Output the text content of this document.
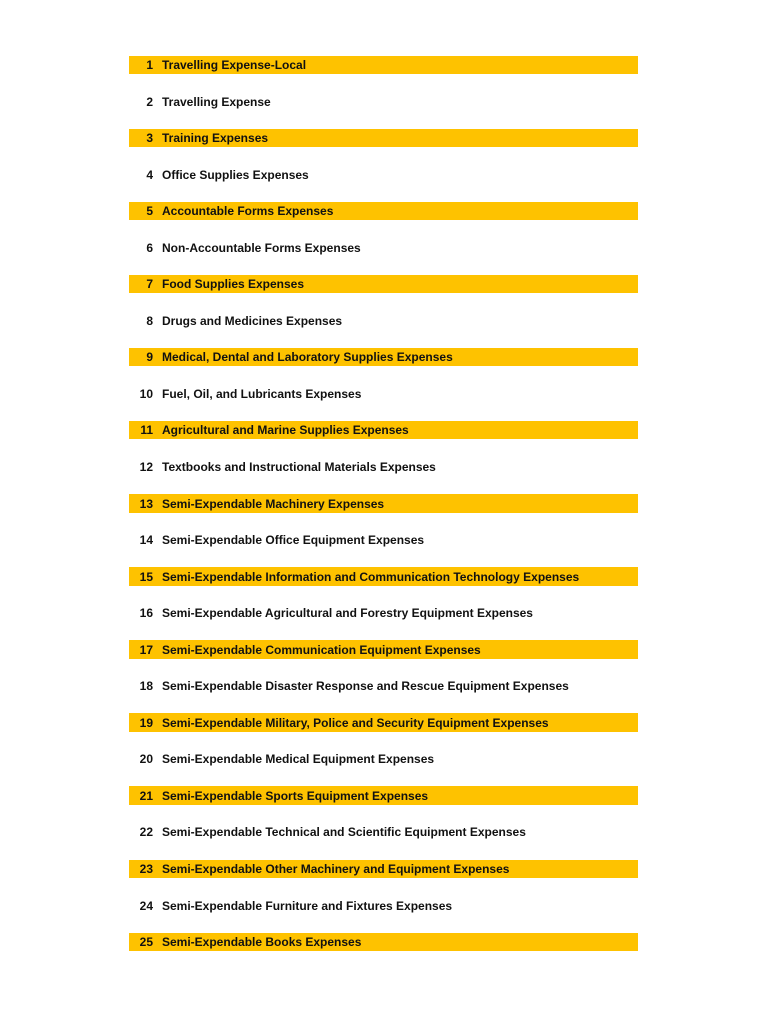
1 Travelling Expense-Local
2 Travelling Expense
3 Training Expenses
4 Office Supplies Expenses
5 Accountable Forms Expenses
6 Non-Accountable Forms Expenses
7 Food Supplies Expenses
8 Drugs and Medicines Expenses
9 Medical, Dental and Laboratory Supplies Expenses
10 Fuel, Oil, and Lubricants Expenses
11 Agricultural and Marine Supplies Expenses
12 Textbooks and Instructional Materials Expenses
13 Semi-Expendable Machinery Expenses
14 Semi-Expendable Office Equipment Expenses
15 Semi-Expendable Information and Communication Technology Expenses
16 Semi-Expendable Agricultural and Forestry Equipment Expenses
17 Semi-Expendable Communication Equipment Expenses
18 Semi-Expendable Disaster Response and Rescue Equipment Expenses
19 Semi-Expendable Military, Police and Security Equipment Expenses
20 Semi-Expendable Medical Equipment Expenses
21 Semi-Expendable Sports Equipment Expenses
22 Semi-Expendable Technical and Scientific Equipment Expenses
23 Semi-Expendable Other Machinery and Equipment Expenses
24 Semi-Expendable Furniture and Fixtures Expenses
25 Semi-Expendable Books Expenses
